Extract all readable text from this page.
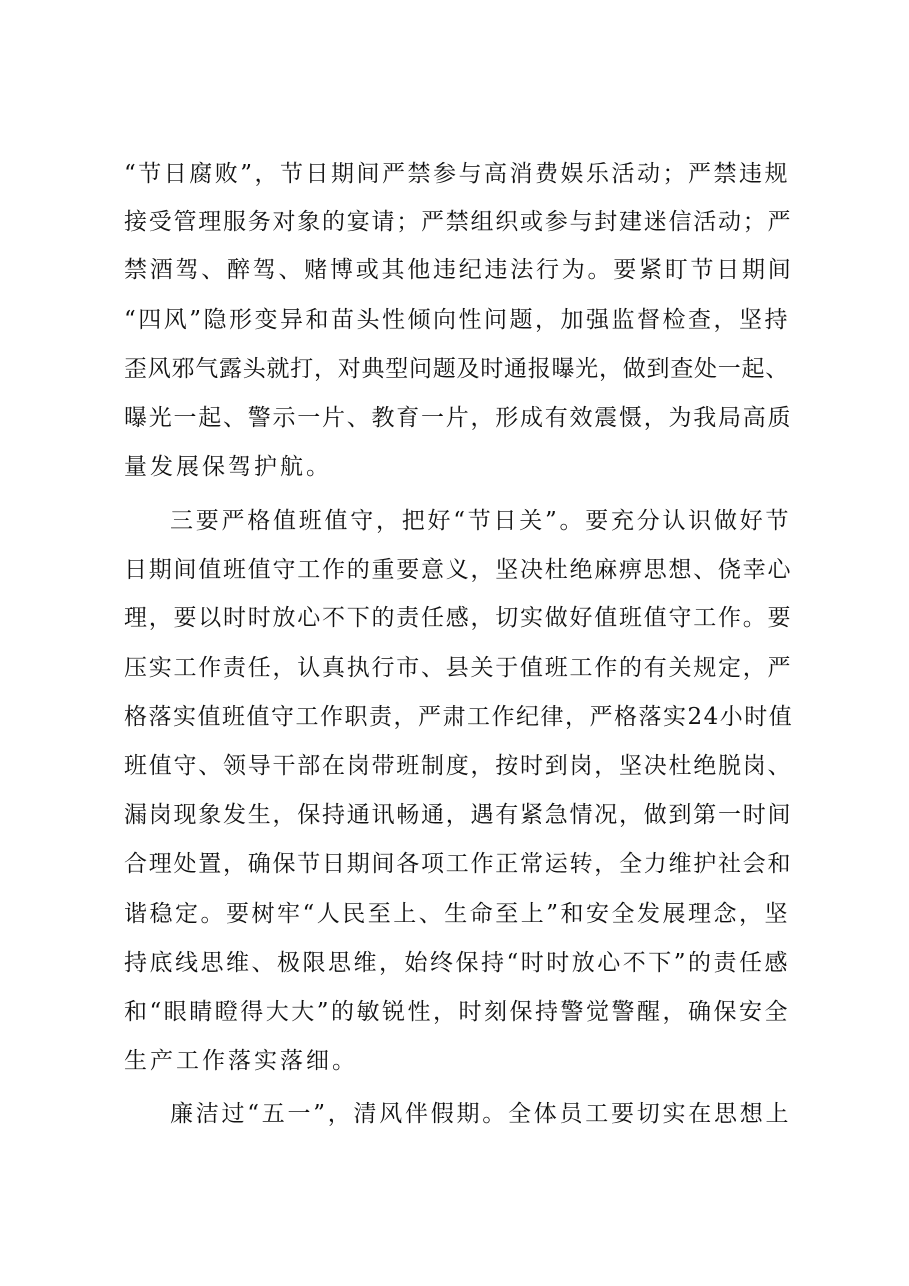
“节日腐败”，节日期间严禁参与高消费娱乐活动；严禁违规
接受管理服务对象的宴请；严禁组织或参与封建迷信活动；严
禁酒驾、醉驾、赌博或其他违纪违法行为。要紧盯节日期间
“四风”隐形变异和苗头性倾向性问题，加强监督检查，坚持
歪风邪气露头就打，对典型问题及时通报曝光，做到查处一起、
曝光一起、警示一片、教育一片，形成有效震慑，为我局高质
量发展保驾护航。
三要严格值班值守，把好“节日关”。要充分认识做好节
日期间值班值守工作的重要意义，坚决杜绝麻痹思想、侥幸心
理，要以时时放心不下的责任感，切实做好值班值守工作。要
压实工作责任，认真执行市、县关于值班工作的有关规定，严
格落实值班值守工作职责，严肃工作纪律，严格落实24小时值
班值守、领导干部在岗带班制度，按时到岗，坚决杜绝脱岗、
漏岗现象发生，保持通讯畅通，遇有紧急情况，做到第一时间
合理处置，确保节日期间各项工作正常运转，全力维护社会和
谐稳定。要树牢“人民至上、生命至上”和安全发展理念，坚
持底线思维、极限思维，始终保持“时时放心不下”的责任感
和“眼睛瞪得大大”的敏锐性，时刻保持警觉警醒，确保安全
生产工作落实落细。
廉洁过“五一”，清风伴假期。全体员工要切实在思想上
